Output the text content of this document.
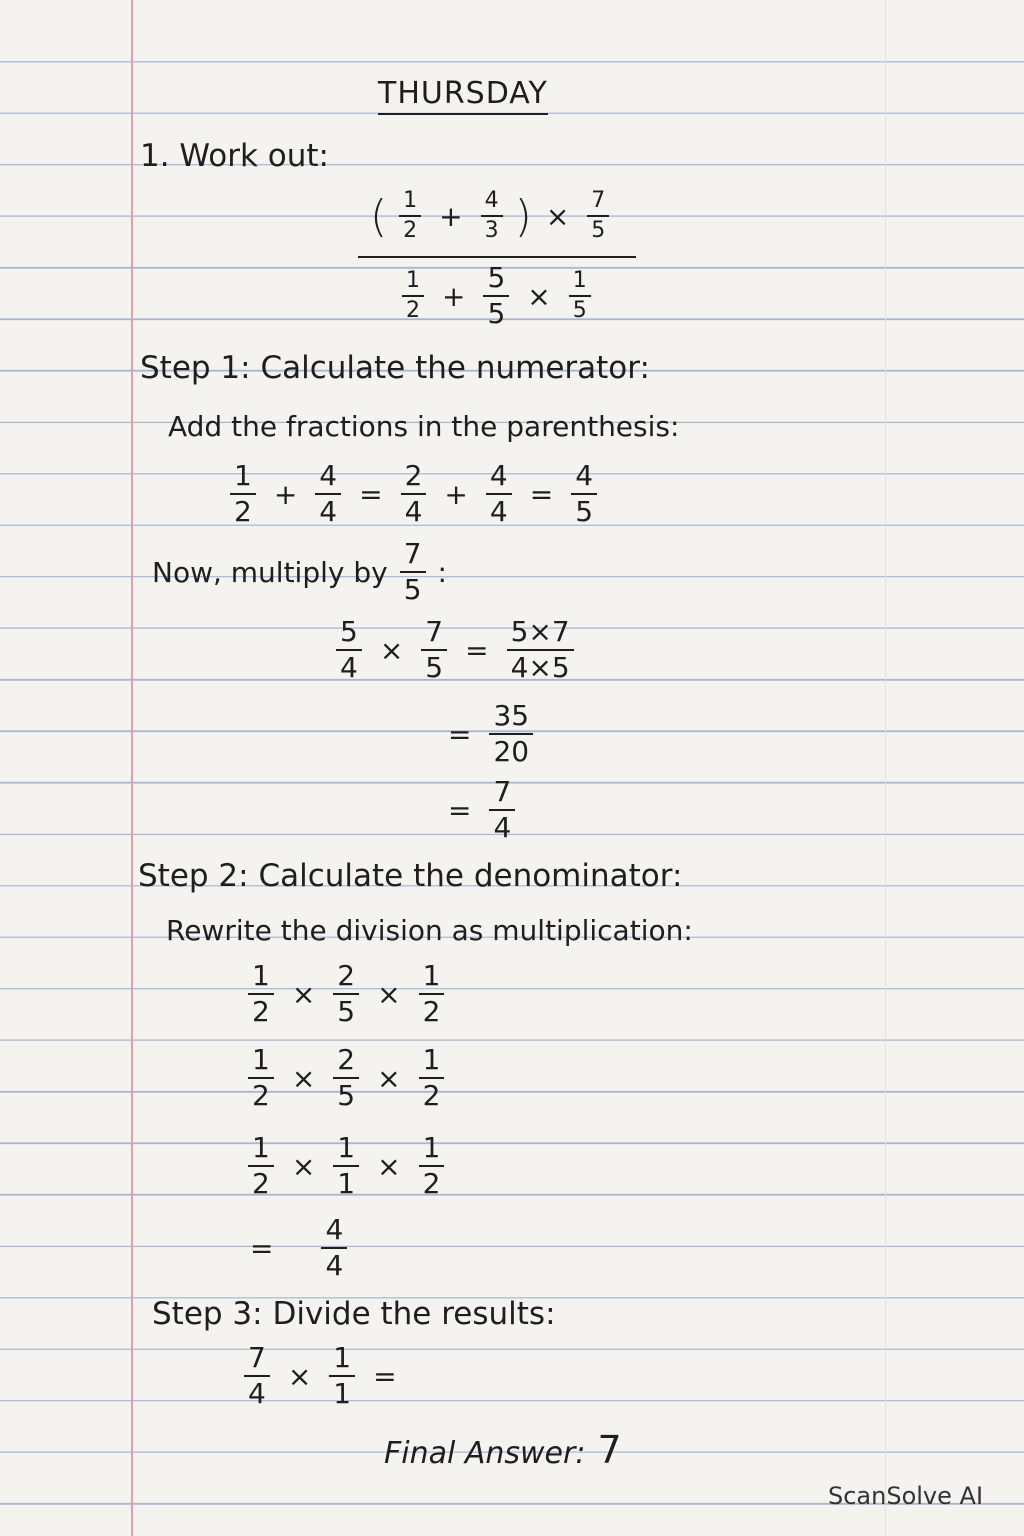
THURSDAY
1. Work out:
( $\frac{1}{2} + \frac{4}{3}$ ) × $\frac{7}{5}$
$\frac{1}{2} + \frac{5}{5} \times \frac{1}{5}$
Step 1: Calculate the numerator:
Add the fractions in the parenthesis:
$\frac{1}{2} + \frac{4}{4} = \frac{2}{4} + \frac{4}{4} = \frac{4}{5}$
Now, multiply by $\frac{7}{5}$ :
$\frac{5}{4} \times \frac{7}{5} = \frac{5\times 7}{4\times 5}$
= $\frac{35}{20}$
= $\frac{7}{4}$
Step 2: Calculate the denominator:
Rewrite the division as multiplication:
$\frac{1}{2} \times \frac{2}{5} \times \frac{1}{2}$
$\frac{1}{2} \times \frac{2}{5} \times \frac{1}{2}$
$\frac{1}{2} \times \frac{1}{1} \times \frac{1}{2}$
= $\frac{4}{4}$
Step 3: Divide the results:
$\frac{7}{4} \times \frac{1}{1}$ =
Final Answer: 7
ScanSolve AI
